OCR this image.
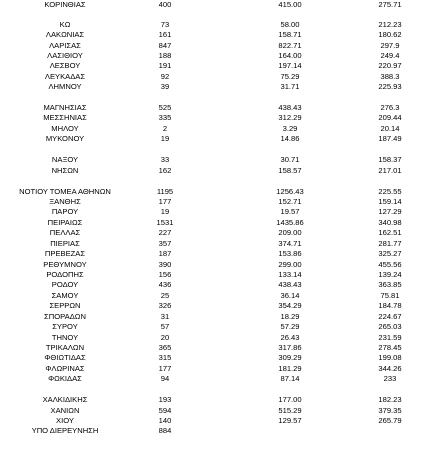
ΚΟΡΙΝΘΙΑΣ	400	415.00	275.71
ΚΩ	73	58.00	212.23
ΛΑΚΩΝΙΑΣ	161	158.71	180.62
ΛΑΡΙΣΑΣ	847	822.71	297.9
ΛΑΣΙΘΙΟΥ	188	164.00	249.4
ΛΕΣΒΟΥ	191	197.14	220.97
ΛΕΥΚΑΔΑΣ	92	75.29	388.3
ΛΗΜΝΟΥ	39	31.71	225.93
ΜΑΓΝΗΣΙΑΣ	525	438.43	276.3
ΜΕΣΣΗΝΙΑΣ	335	312.29	209.44
ΜΗΛΟΥ	2	3.29	20.14
ΜΥΚΟΝΟΥ	19	14.86	187.49
ΝΑΞΟΥ	33	30.71	158.37
ΝΗΣΩΝ	162	158.57	217.01
ΝΟΤΙΟΥ ΤΟΜΕΑ ΑΘΗΝΩΝ	1195	1256.43	225.55
ΞΑΝΘΗΣ	177	152.71	159.14
ΠΑΡΟΥ	19	19.57	127.29
ΠΕΙΡΑΙΩΣ	1531	1435.86	340.98
ΠΕΛΛΑΣ	227	209.00	162.51
ΠΙΕΡΙΑΣ	357	374.71	281.77
ΠΡΕΒΕΖΑΣ	187	153.86	325.27
ΡΕΘΥΜΝΟΥ	390	299.00	455.56
ΡΟΔΟΠΗΣ	156	133.14	139.24
ΡΟΔΟΥ	436	438.43	363.85
ΣΑΜΟΥ	25	36.14	75.81
ΣΕΡΡΩΝ	326	354.29	184.78
ΣΠΟΡΑΔΩΝ	31	18.29	224.67
ΣΥΡΟΥ	57	57.29	265.03
ΤΗΝΟΥ	20	26.43	231.59
ΤΡΙΚΑΛΩΝ	365	317.86	278.45
ΦΘΙΩΤΙΔΑΣ	315	309.29	199.08
ΦΛΩΡΙΝΑΣ	177	181.29	344.26
ΦΩΚΙΔΑΣ	94	87.14	233
ΧΑΛΚΙΔΙΚΗΣ	193	177.00	182.23
ΧΑΝΙΩΝ	594	515.29	379.35
ΧΙΟΥ	140	129.57	265.79
ΥΠΟ ΔΙΕΡΕΥΝΗΣΗ	884
